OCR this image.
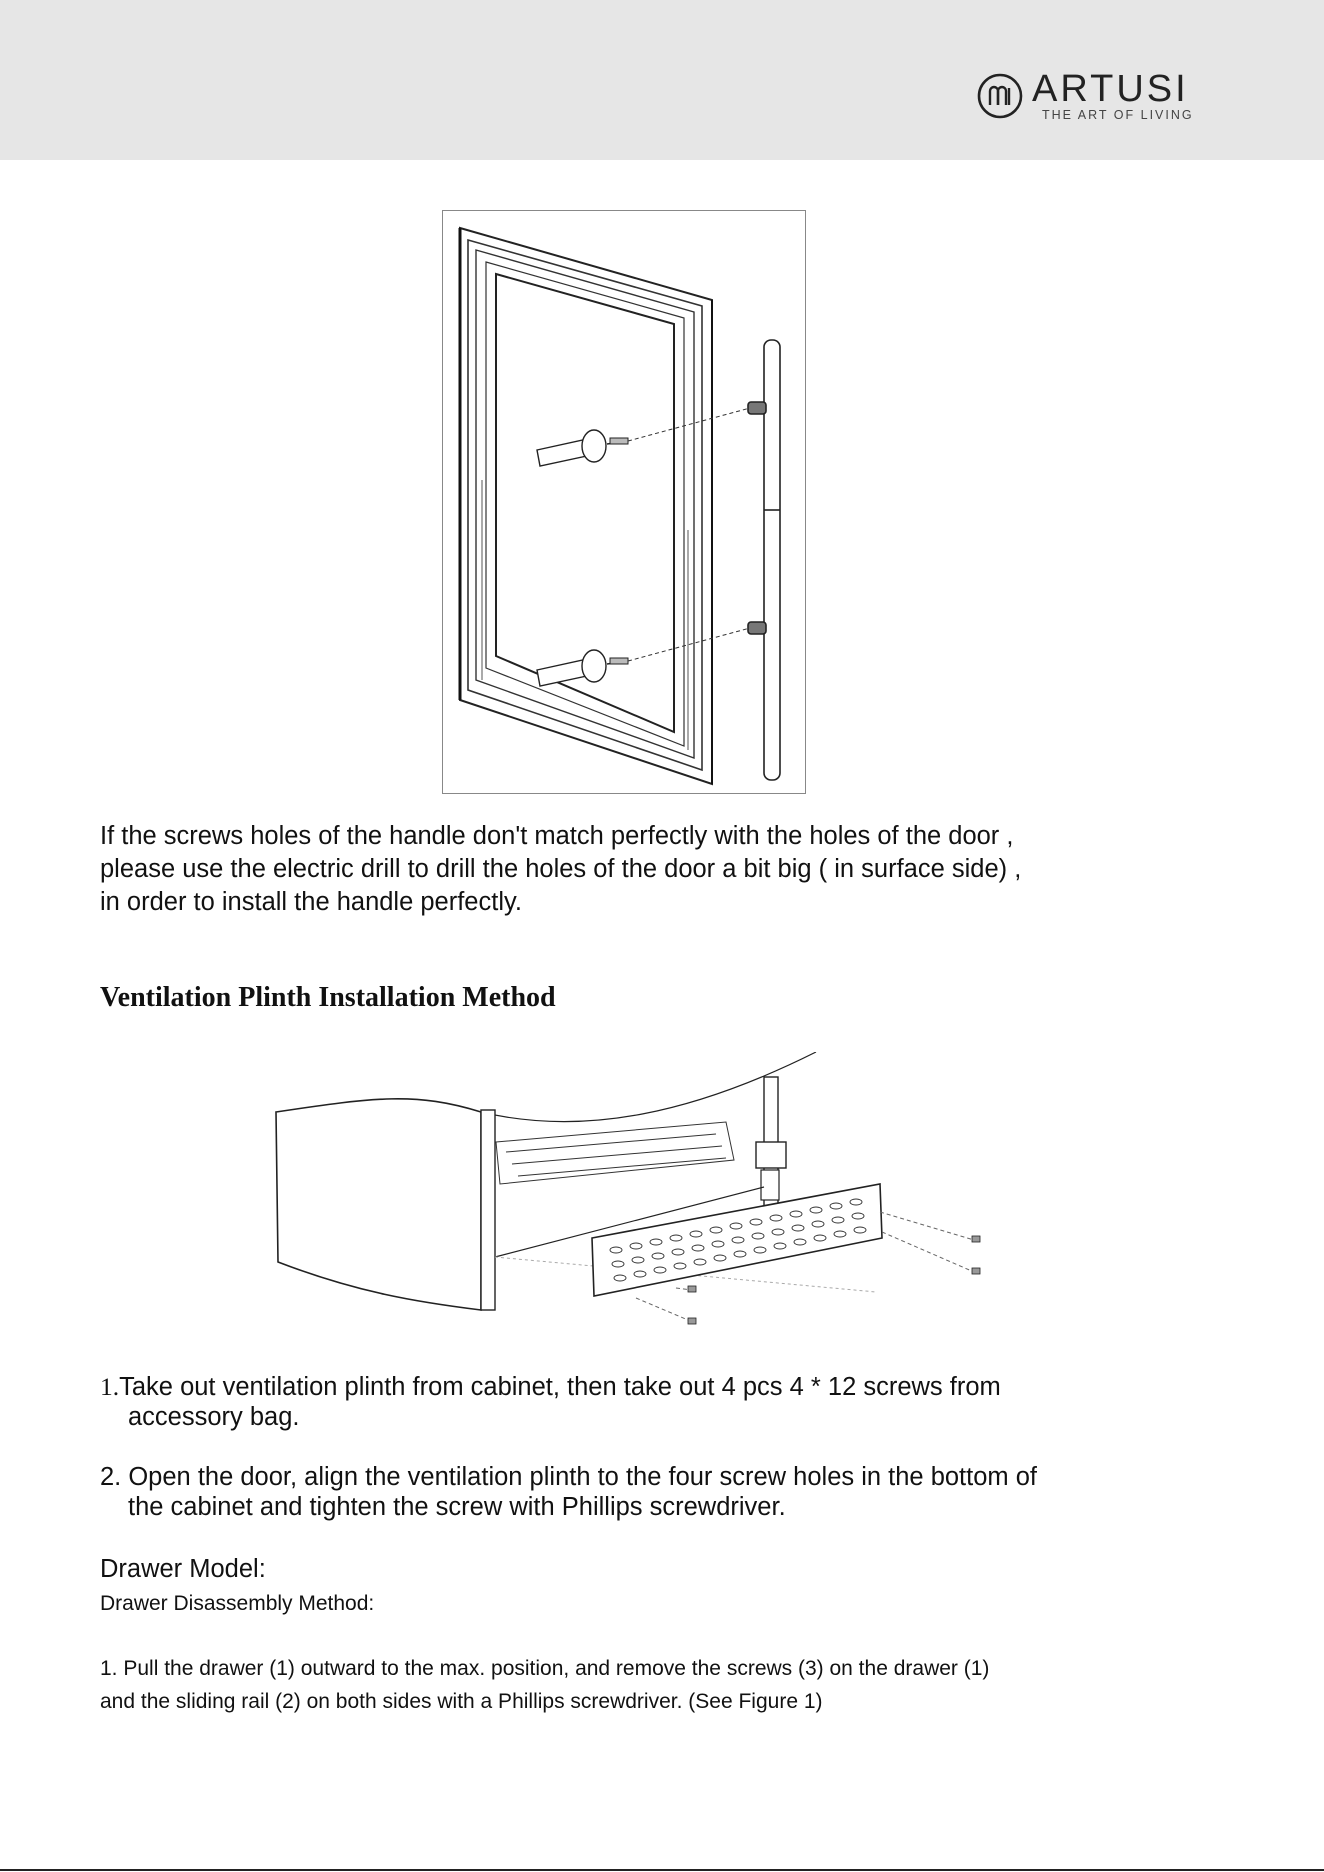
ARTUSI
THE ART OF LIVING
If the screws holes of the handle don't match perfectly with the holes of the door ,
please use the electric drill to drill the holes of the door a bit big ( in surface side) ,
in order to install the handle perfectly.
Ventilation Plinth Installation Method
1.Take out ventilation plinth from cabinet, then take out 4 pcs 4 * 12 screws from
accessory bag.
2. Open the door, align the ventilation plinth to the four screw holes in the bottom of
the cabinet and tighten the screw with Phillips screwdriver.
Drawer Model:
Drawer Disassembly Method:
1. Pull the drawer (1) outward to the max. position, and remove the screws (3) on the drawer (1)
and the sliding rail (2) on both sides with a Phillips screwdriver. (See Figure 1)
